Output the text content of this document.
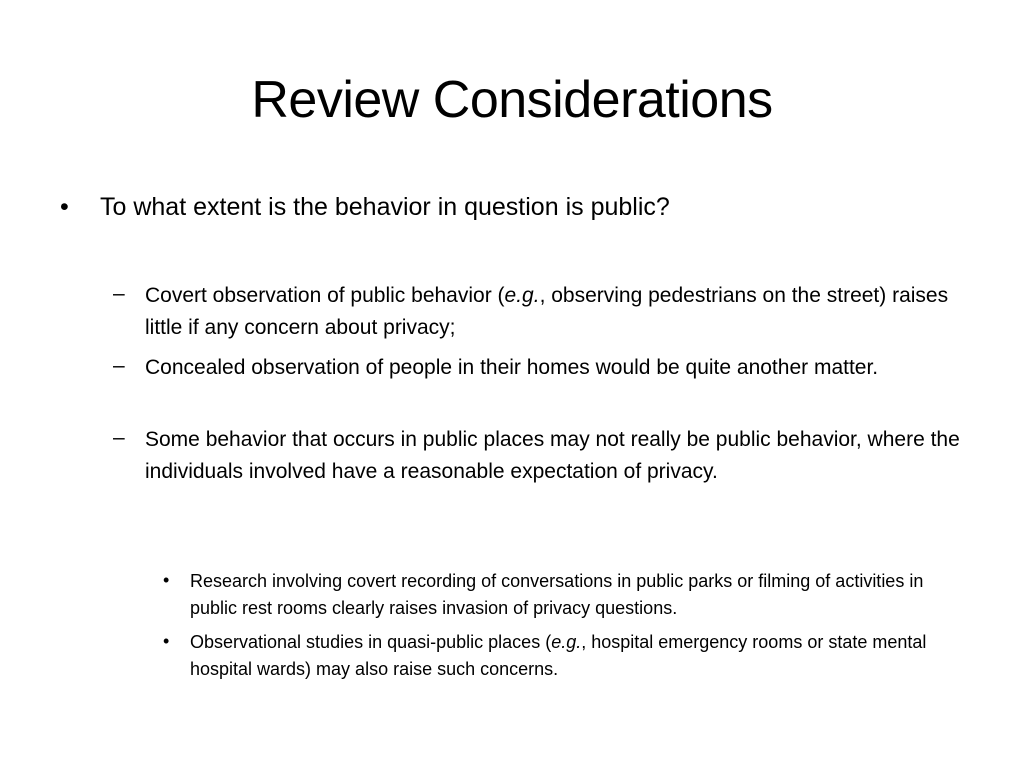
Review Considerations
• To what extent is the behavior in question is public?
– Covert observation of public behavior (e.g., observing pedestrians on the street) raises little if any concern about privacy;
– Concealed observation of people in their homes would be quite another matter.
– Some behavior that occurs in public places may not really be public behavior, where the individuals involved have a reasonable expectation of privacy.
• Research involving covert recording of conversations in public parks or filming of activities in public rest rooms clearly raises invasion of privacy questions.
• Observational studies in quasi-public places (e.g., hospital emergency rooms or state mental hospital wards) may also raise such concerns.
